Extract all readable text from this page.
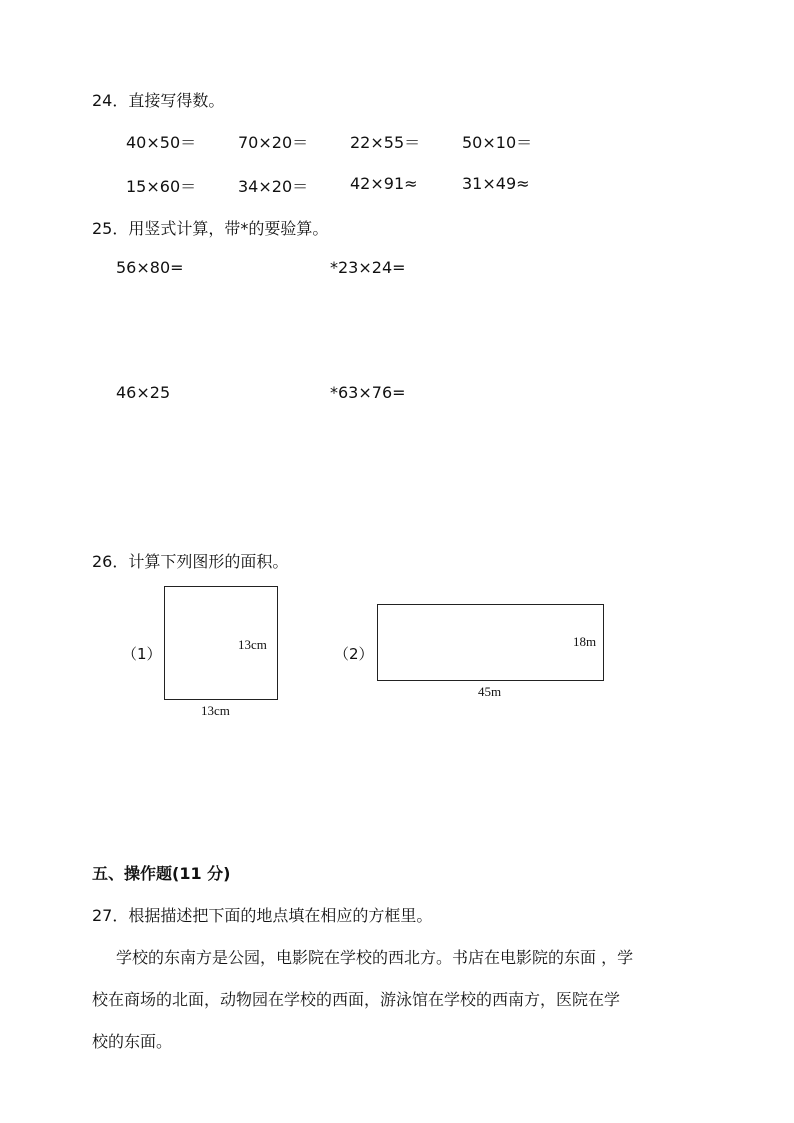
24．直接写得数。
40×50＝	70×20＝	22×55＝	50×10＝
15×60＝	34×20＝	42×91≈	31×49≈
25．用竖式计算，带*的要验算。
56×80=	*23×24=
46×25	*63×76=
26．计算下列图形的面积。
（1）
13cm
13cm
（2）
18m
45m
五、操作题(11 分)
27．根据描述把下面的地点填在相应的方框里。
学校的东南方是公园，电影院在学校的西北方。书店在电影院的东面 ，学
校在商场的北面，动物园在学校的西面，游泳馆在学校的西南方，医院在学
校的东面。
